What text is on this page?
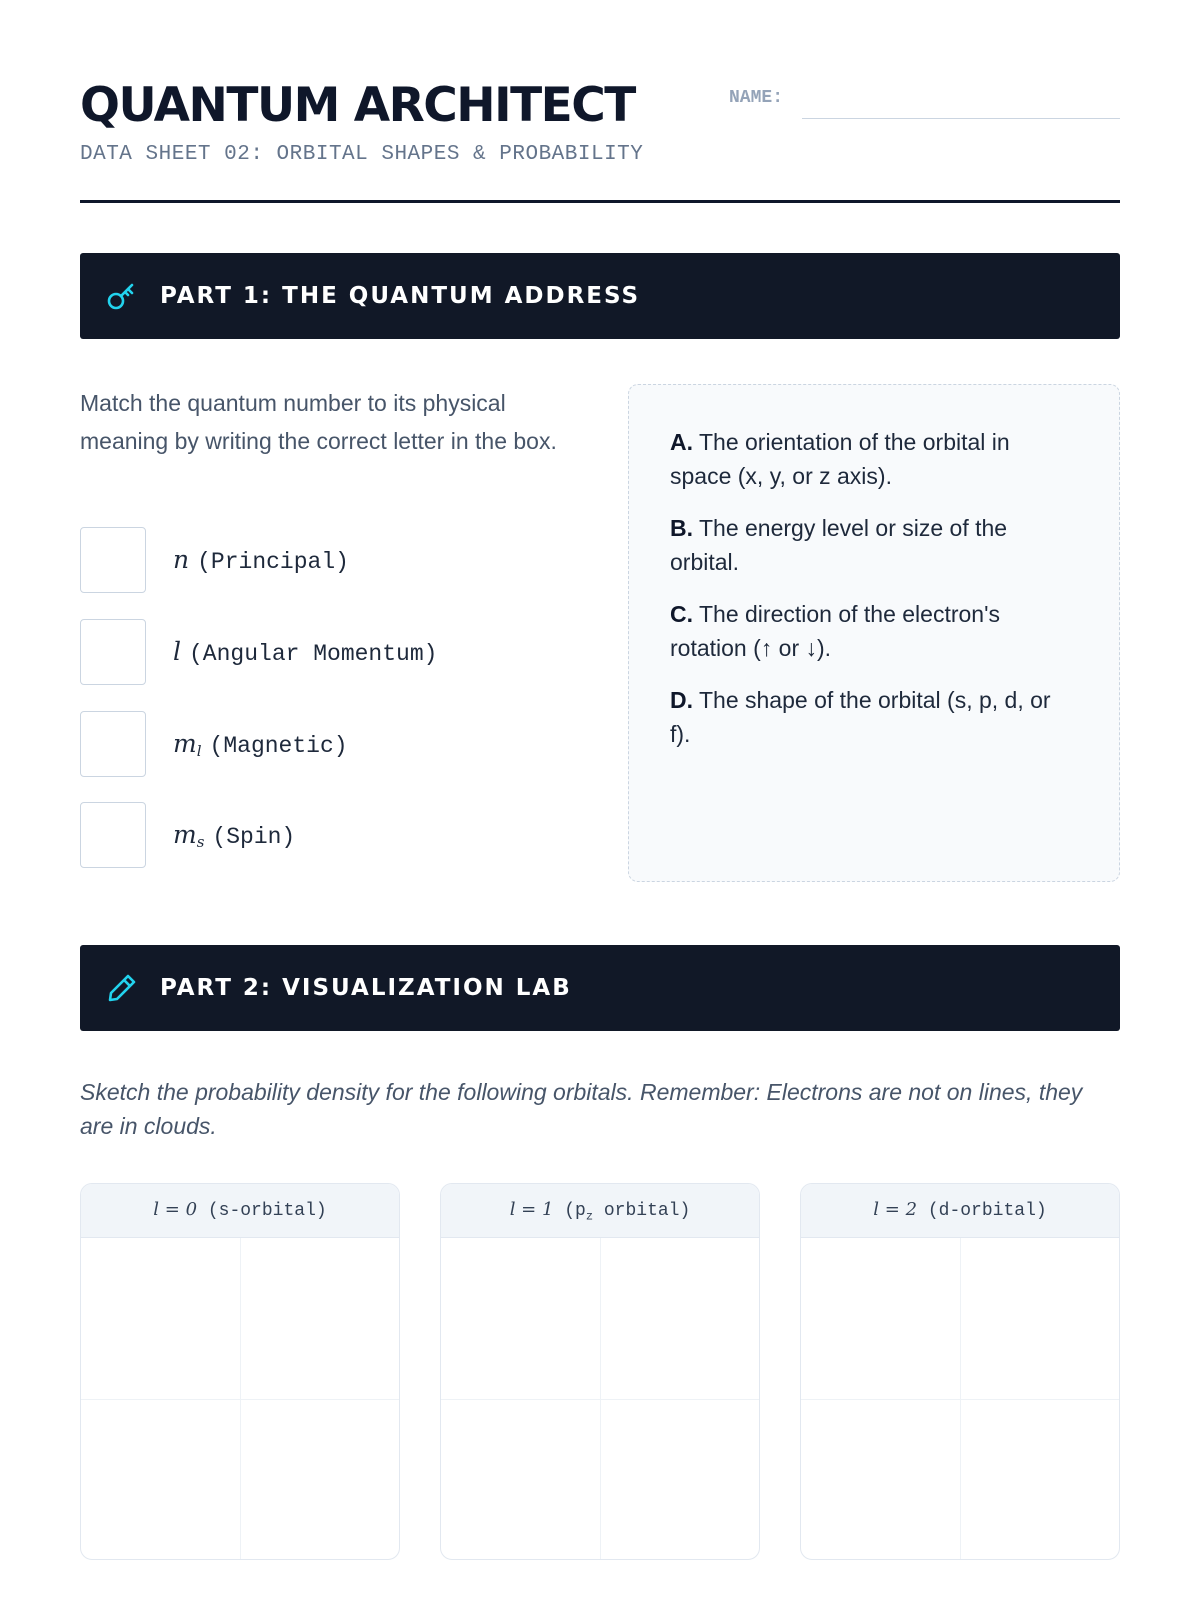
QUANTUM ARCHITECT
DATA SHEET 02: ORBITAL SHAPES & PROBABILITY
NAME:
PART 1: THE QUANTUM ADDRESS
Match the quantum number to its physical meaning by writing the correct letter in the box.
n (Principal)
l (Angular Momentum)
$m_l$ (Magnetic)
$m_s$ (Spin)
A. The orientation of the orbital in space (x, y, or z axis).
B. The energy level or size of the orbital.
C. The direction of the electron's rotation (↑ or ↓).
D. The shape of the orbital (s, p, d, or f).
PART 2: VISUALIZATION LAB
Sketch the probability density for the following orbitals. Remember: Electrons are not on lines, they are in clouds.
l = 0 (s-orbital)	l = 1 ($p_z$ orbital)	l = 2 (d-orbital)
